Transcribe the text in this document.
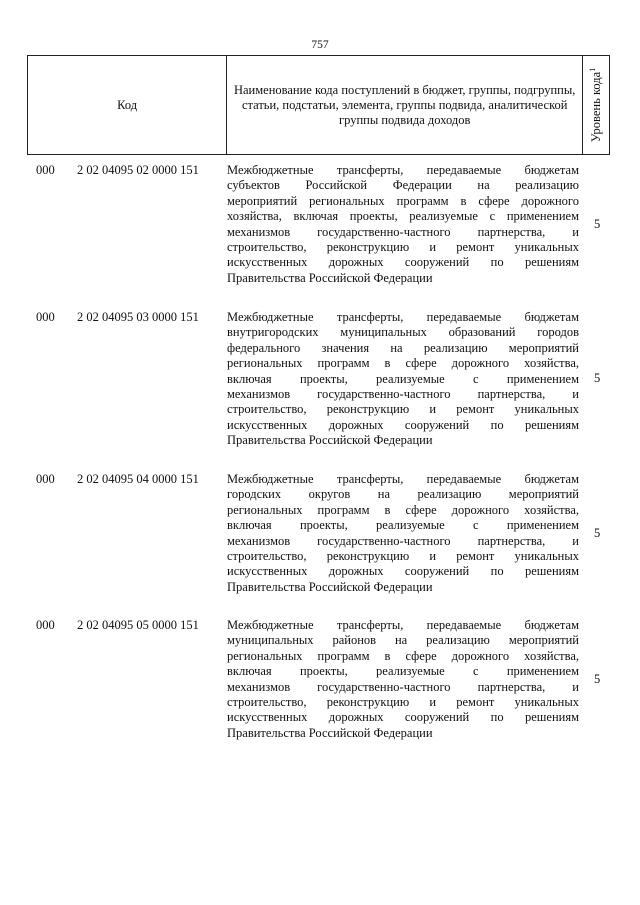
757
Код
Наименование кода поступлений в бюджет, группы, подгруппы, статьи, подстатьи, элемента, группы подвида, аналитической группы подвида доходов	Уровень кода$^1$
000 2 02 04095 02 0000 151 Межбюджетные трансферты, передаваемые бюджетам
субъектов Российской Федерации на реализацию
мероприятий региональных программ в сфере дорожного
хозяйства, включая проекты, реализуемые с применением
механизмов государственно-частного партнерства, и
строительство, реконструкцию и ремонт уникальных
искусственных дорожных сооружений по решениям
Правительства Российской Федерации
5
000 2 02 04095 03 0000 151 Межбюджетные трансферты, передаваемые бюджетам
внутригородских муниципальных образований городов
федерального значения на реализацию мероприятий
региональных программ в сфере дорожного хозяйства,
включая проекты, реализуемые с применением
механизмов государственно-частного партнерства, и
строительство, реконструкцию и ремонт уникальных
искусственных дорожных сооружений по решениям
Правительства Российской Федерации
5
000 2 02 04095 04 0000 151 Межбюджетные трансферты, передаваемые бюджетам
городских округов на реализацию мероприятий
региональных программ в сфере дорожного хозяйства,
включая проекты, реализуемые с применением
механизмов государственно-частного партнерства, и
строительство, реконструкцию и ремонт уникальных
искусственных дорожных сооружений по решениям
Правительства Российской Федерации
5
000 2 02 04095 05 0000 151 Межбюджетные трансферты, передаваемые бюджетам
муниципальных районов на реализацию мероприятий
региональных программ в сфере дорожного хозяйства,
включая проекты, реализуемые с применением
механизмов государственно-частного партнерства, и
строительство, реконструкцию и ремонт уникальных
искусственных дорожных сооружений по решениям
Правительства Российской Федерации
5
